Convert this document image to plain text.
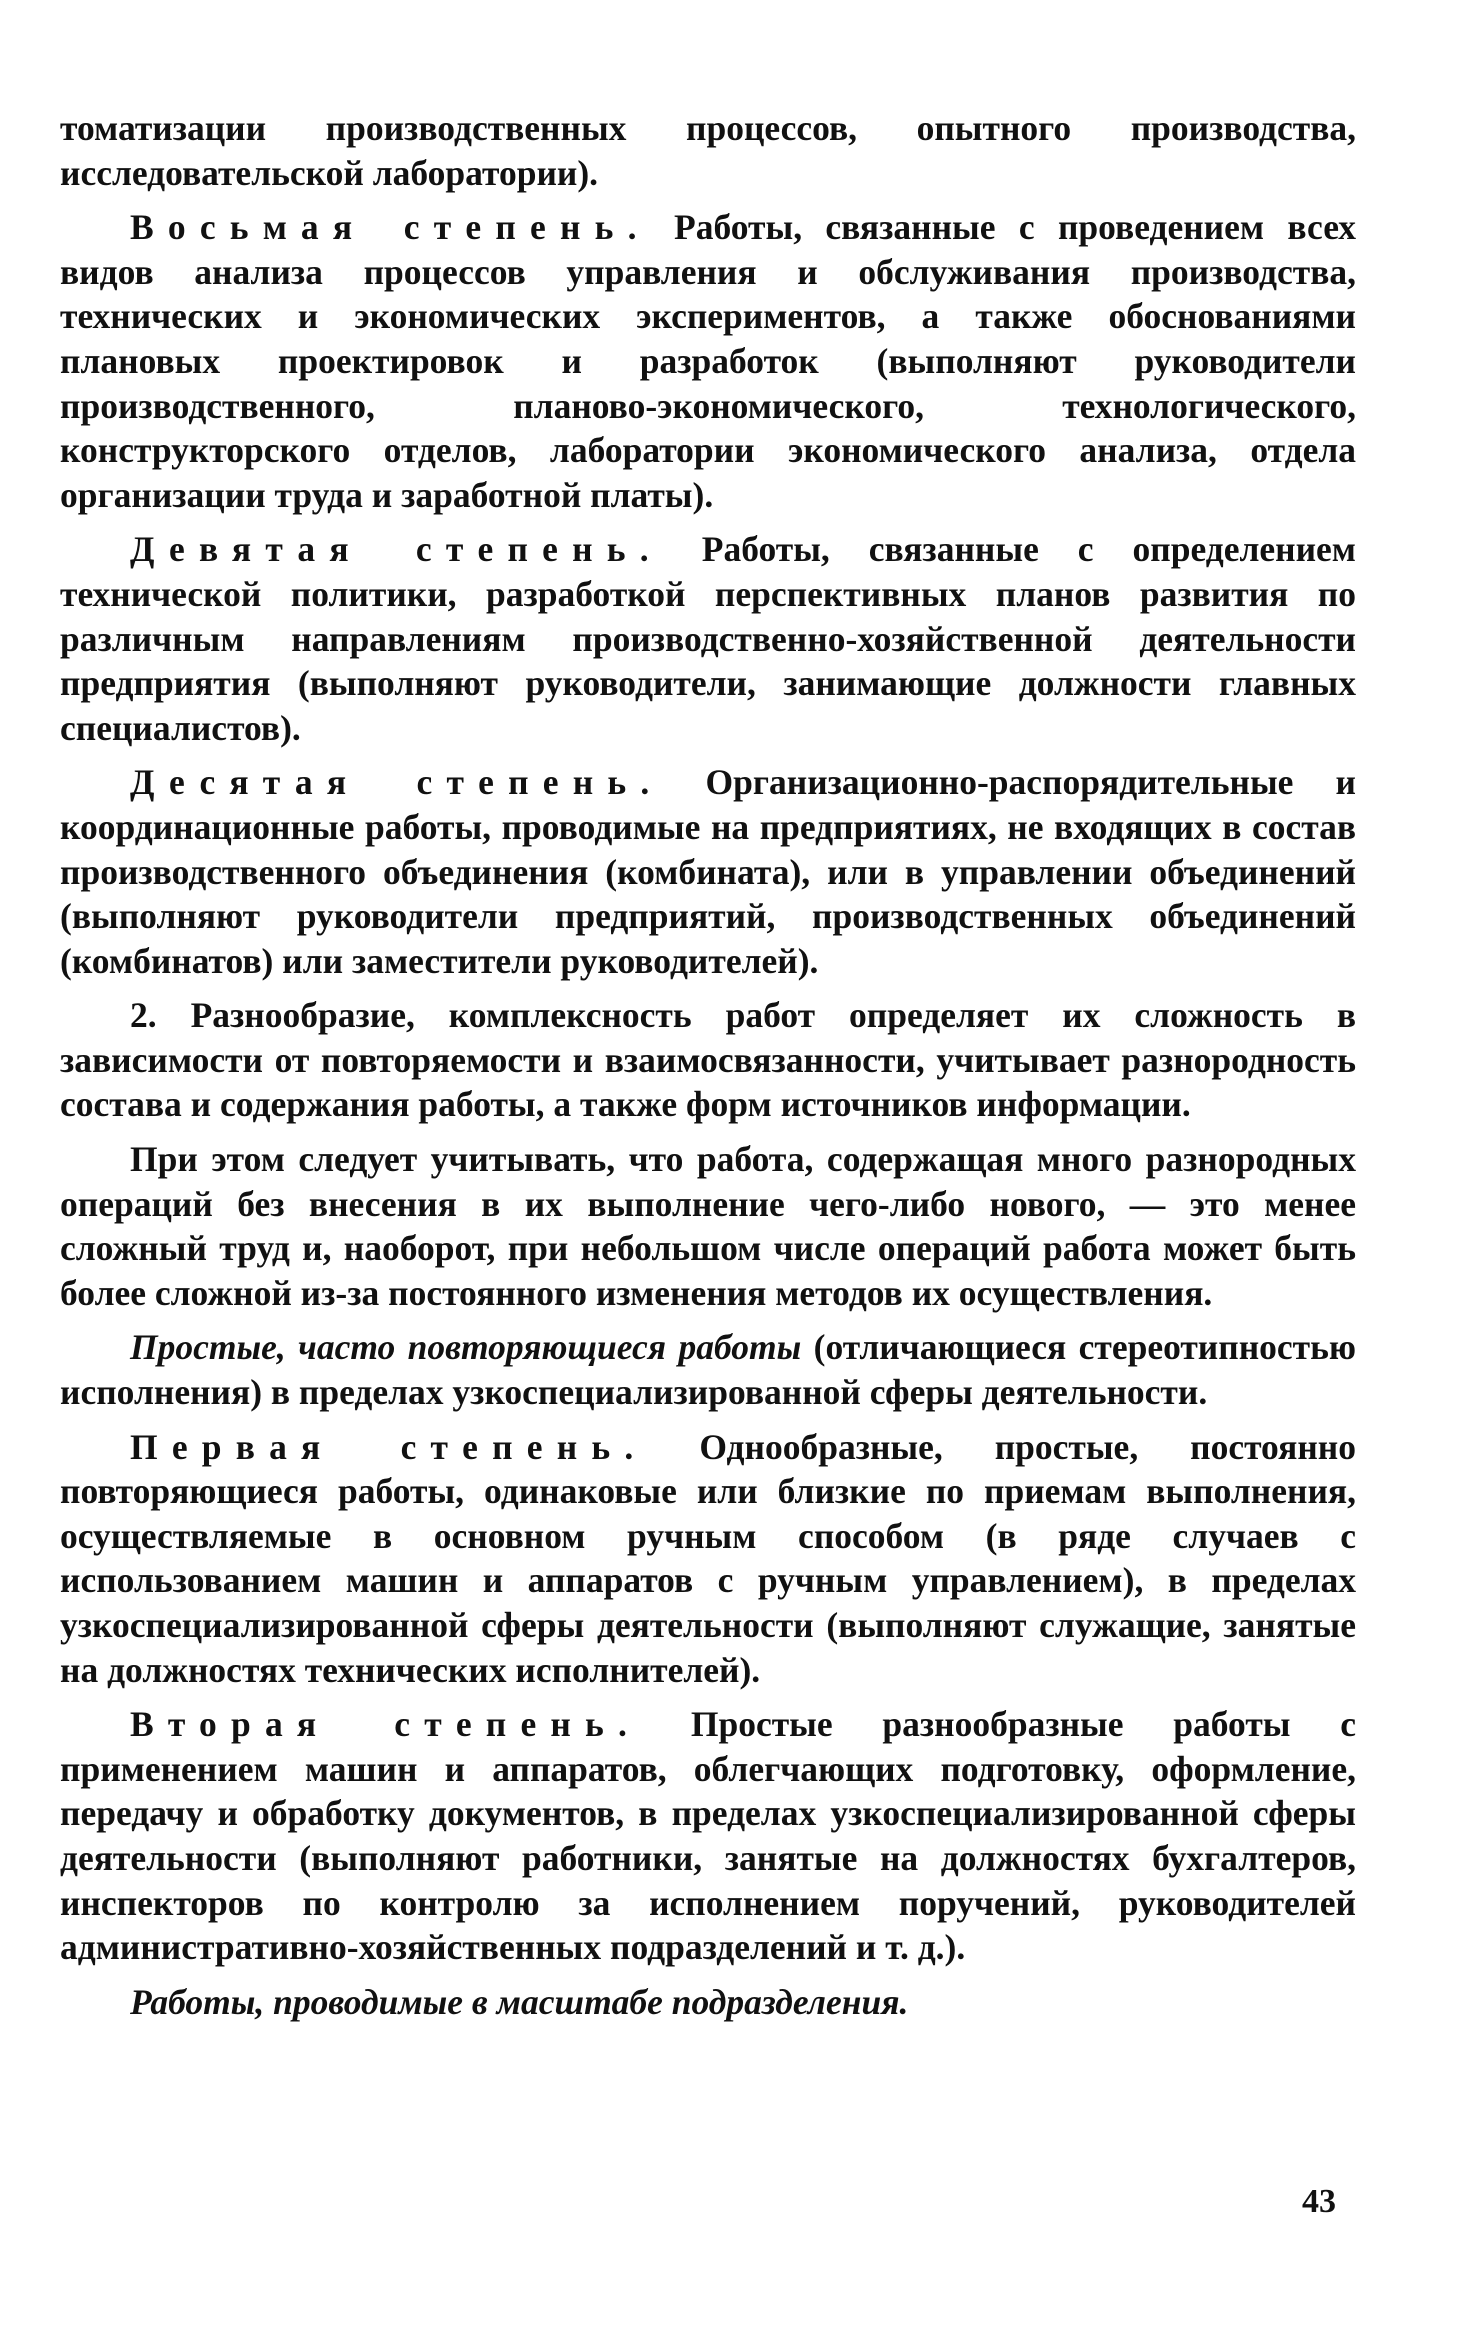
томатизации производственных процессов, опытного производства, исследовательской лаборатории).

Восьмая степень. Работы, связанные с проведением всех видов анализа процессов управления и обслуживания производства, технических и экономических экспериментов, а также обоснованиями плановых проектировок и разработок (выполняют руководители производственного, планово-экономического, технологического, конструкторского отделов, лаборатории экономического анализа, отдела организации труда и заработной платы).

Девятая степень. Работы, связанные с определением технической политики, разработкой перспективных планов развития по различным направлениям производственно-хозяйственной деятельности предприятия (выполняют руководители, занимающие должности главных специалистов).

Десятая степень. Организационно-распорядительные и координационные работы, проводимые на предприятиях, не входящих в состав производственного объединения (комбината), или в управлении объединений (выполняют руководители предприятий, производственных объединений (комбинатов) или заместители руководителей).

2. Разнообразие, комплексность работ определяет их сложность в зависимости от повторяемости и взаимосвязанности, учитывает разнородность состава и содержания работы, а также форм источников информации.

При этом следует учитывать, что работа, содержащая много разнородных операций без внесения в их выполнение чего-либо нового, — это менее сложный труд и, наоборот, при небольшом числе операций работа может быть более сложной из-за постоянного изменения методов их осуществления.

Простые, часто повторяющиеся работы (отличающиеся стереотипностью исполнения) в пределах узкоспециализированной сферы деятельности.

Первая степень. Однообразные, простые, постоянно повторяющиеся работы, одинаковые или близкие по приемам выполнения, осуществляемые в основном ручным способом (в ряде случаев с использованием машин и аппаратов с ручным управлением), в пределах узкоспециализированной сферы деятельности (выполняют служащие, занятые на должностях технических исполнителей).

Вторая степень. Простые разнообразные работы с применением машин и аппаратов, облегчающих подготовку, оформление, передачу и обработку документов, в пределах узкоспециализированной сферы деятельности (выполняют работники, занятые на должностях бухгалтеров, инспекторов по контролю за исполнением поручений, руководителей административно-хозяйственных подразделений и т. д.).

Работы, проводимые в масштабе подразделения.

43
